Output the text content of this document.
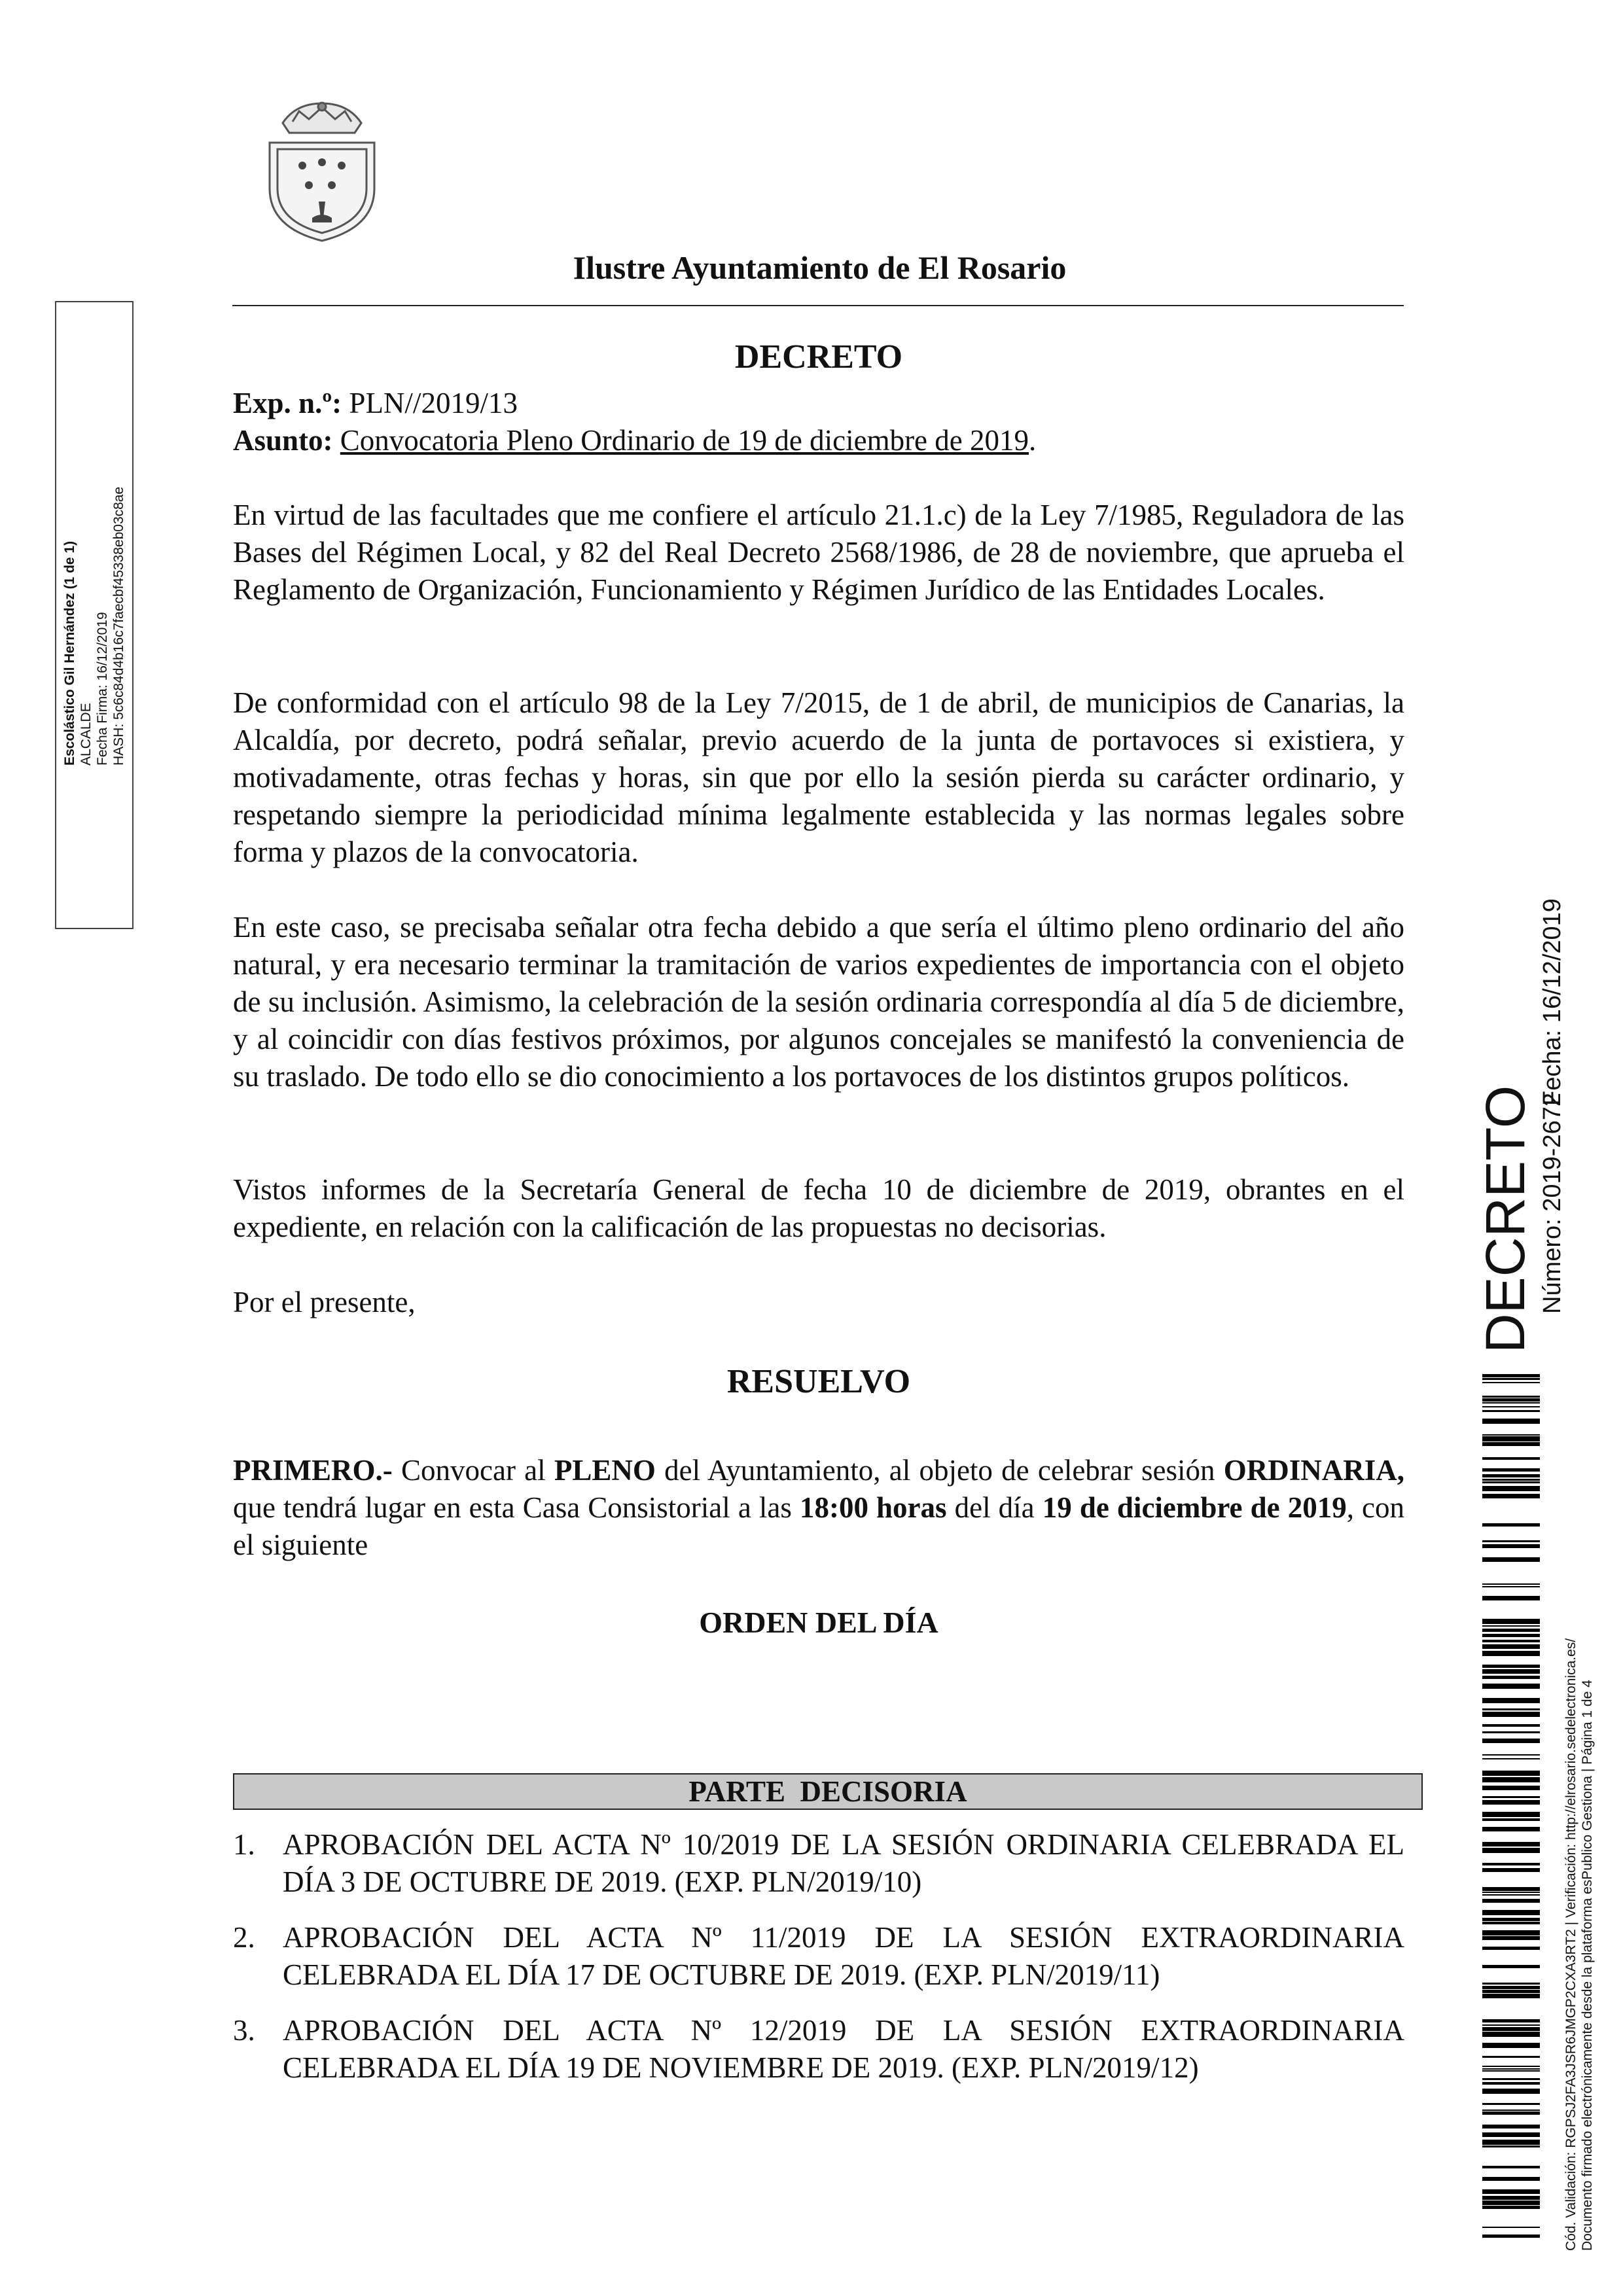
Ilustre Ayuntamiento de El Rosario
DECRETO
Exp. n.º: PLN//2019/13
Asunto: Convocatoria Pleno Ordinario de 19 de diciembre de 2019.
En virtud de las facultades que me confiere el artículo 21.1.c) de la Ley 7/1985, Reguladora de las Bases del Régimen Local, y 82 del Real Decreto 2568/1986, de 28 de noviembre, que aprueba el Reglamento de Organización, Funcionamiento y Régimen Jurídico de las Entidades Locales.
De conformidad con el artículo 98 de la Ley 7/2015, de 1 de abril, de municipios de Canarias, la Alcaldía, por decreto, podrá señalar, previo acuerdo de la junta de portavoces si existiera, y motivadamente, otras fechas y horas, sin que por ello la sesión pierda su carácter ordinario, y respetando siempre la periodicidad mínima legalmente establecida y las normas legales sobre forma y plazos de la convocatoria.
En este caso, se precisaba señalar otra fecha debido a que sería el último pleno ordinario del año natural, y era necesario terminar la tramitación de varios expedientes de importancia con el objeto de su inclusión. Asimismo, la celebración de la sesión ordinaria correspondía al día 5 de diciembre, y al coincidir con días festivos próximos, por algunos concejales se manifestó la conveniencia de su traslado. De todo ello se dio conocimiento a los portavoces de los distintos grupos políticos.
Vistos informes de la Secretaría General de fecha 10 de diciembre de 2019, obrantes en el expediente, en relación con la calificación de las propuestas no decisorias.
Por el presente,
RESUELVO
PRIMERO.- Convocar al PLENO del Ayuntamiento, al objeto de celebrar sesión ORDINARIA, que tendrá lugar en esta Casa Consistorial a las 18:00 horas del día 19 de diciembre de 2019, con el siguiente
ORDEN DEL DÍA
PARTE  DECISORIA
1. APROBACIÓN DEL ACTA Nº 10/2019 DE LA SESIÓN ORDINARIA CELEBRADA EL DÍA 3 DE OCTUBRE DE 2019. (EXP. PLN/2019/10)
2. APROBACIÓN DEL ACTA Nº 11/2019 DE LA SESIÓN EXTRAORDINARIA CELEBRADA EL DÍA 17 DE OCTUBRE DE 2019. (EXP. PLN/2019/11)
3. APROBACIÓN DEL ACTA Nº 12/2019 DE LA SESIÓN EXTRAORDINARIA CELEBRADA EL DÍA 19 DE NOVIEMBRE DE 2019. (EXP. PLN/2019/12)
Escolástico Gil Hernández (1 de 1) ALCALDE Fecha Firma: 16/12/2019 HASH: 5c6c84d4b16c7faecbf45338eb03c8ae
DECRETO Número: 2019-2672
Fecha: 16/12/2019
Cód. Validación: RGPSJ2FA3JSR6JMGP2CXA3RT2 | Verificación: http://elrosario.sedelectronica.es/ Documento firmado electrónicamente desde la plataforma esPublico Gestiona | Página 1 de 4
